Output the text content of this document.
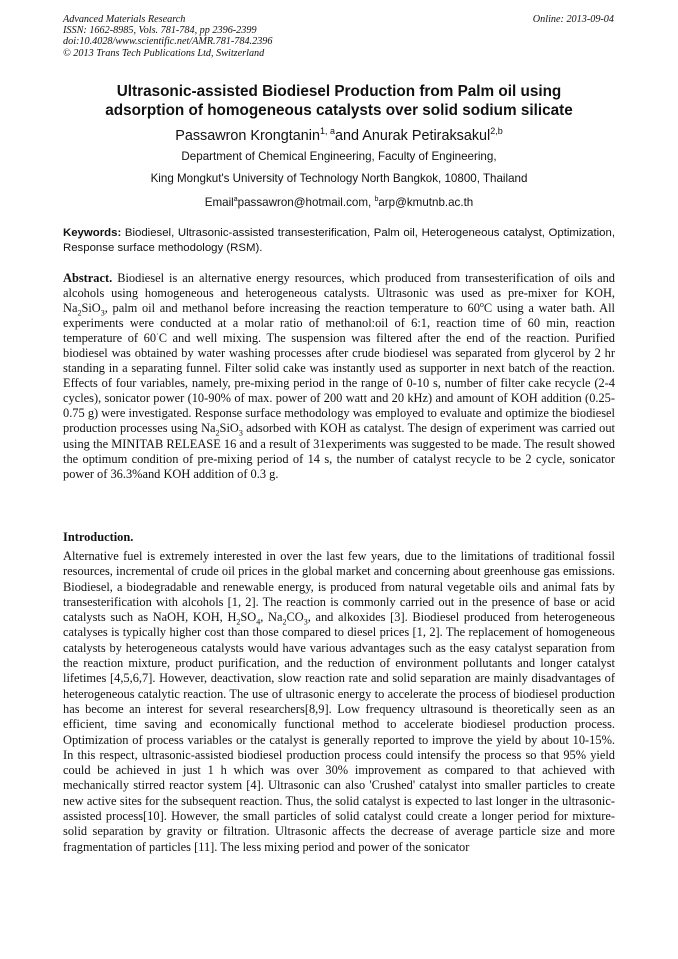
Advanced Materials Research
ISSN: 1662-8985, Vols. 781-784, pp 2396-2399
doi:10.4028/www.scientific.net/AMR.781-784.2396
© 2013 Trans Tech Publications Ltd, Switzerland
Online: 2013-09-04
Ultrasonic-assisted Biodiesel Production from Palm oil using
adsorption of homogeneous catalysts over solid sodium silicate
Passawron Krongtanin$^{1, a}$and Anurak Petiraksakul$^{2,b}$
Department of Chemical Engineering, Faculty of Engineering,
King Mongkut's University of Technology North Bangkok, 10800, Thailand
Email$^a$passawron@hotmail.com, $^b$arp@kmutnb.ac.th
Keywords: Biodiesel, Ultrasonic-assisted transesterification, Palm oil, Heterogeneous catalyst, Optimization, Response surface methodology (RSM).
Abstract. Biodiesel is an alternative energy resources, which produced from transesterification of oils and alcohols using homogeneous and heterogeneous catalysts. Ultrasonic was used as pre-mixer for KOH, $Na_2SiO_3$, palm oil and methanol before increasing the reaction temperature to 60$^o$C using a water bath. All experiments were conducted at a molar ratio of methanol:oil of 6:1, reaction time of 60 min, reaction temperature of 60·C and well mixing. The suspension was filtered after the end of the reaction. Purified biodiesel was obtained by water washing processes after crude biodiesel was separated from glycerol by 2 hr standing in a separating funnel. Filter solid cake was instantly used as supporter in next batch of the reaction. Effects of four variables, namely, pre-mixing period in the range of 0-10 s, number of filter cake recycle (2-4 cycles), sonicator power (10-90% of max. power of 200 watt and 20 kHz) and amount of KOH addition (0.25-0.75 g) were investigated. Response surface methodology was employed to evaluate and optimize the biodiesel production processes using $Na_2SiO_3$ adsorbed with KOH as catalyst. The design of experiment was carried out using the MINITAB RELEASE 16 and a result of 31experiments was suggested to be made. The result showed the optimum condition of pre-mixing period of 14 s, the number of catalyst recycle to be 2 cycle, sonicator power of 36.3%and KOH addition of 0.3 g.
Introduction.
Alternative fuel is extremely interested in over the last few years, due to the limitations of traditional fossil resources, incremental of crude oil prices in the global market and concerning about greenhouse gas emissions. Biodiesel, a biodegradable and renewable energy, is produced from natural vegetable oils and animal fats by transesterification with alcohols [1, 2]. The reaction is commonly carried out in the presence of base or acid catalysts such as NaOH, KOH, $H_2SO_4$, $Na_2CO_3$, and alkoxides [3]. Biodiesel produced from heterogeneous catalyses is typically higher cost than those compared to diesel prices [1, 2]. The replacement of homogeneous catalysts by heterogeneous catalysts would have various advantages such as the easy catalyst separation from the reaction mixture, product purification, and the reduction of environment pollutants and longer catalyst lifetimes [4,5,6,7]. However, deactivation, slow reaction rate and solid separation are mainly disadvantages of heterogeneous catalytic reaction. The use of ultrasonic energy to accelerate the process of biodiesel production has become an interest for several researchers[8,9]. Low frequency ultrasound is theoretically seen as an efficient, time saving and economically functional method to accelerate biodiesel production process. Optimization of process variables or the catalyst is generally reported to improve the yield by about 10-15%. In this respect, ultrasonic-assisted biodiesel production process could intensify the process so that 95% yield could be achieved in just 1 h which was over 30% improvement as compared to that achieved with mechanically stirred reactor system [4]. Ultrasonic can also 'Crushed' catalyst into smaller particles to create new active sites for the subsequent reaction. Thus, the solid catalyst is expected to last longer in the ultrasonic-assisted process[10]. However, the small particles of solid catalyst could create a longer period for mixture-solid separation by gravity or filtration. Ultrasonic affects the decrease of average particle size and more fragmentation of particles [11]. The less mixing period and power of the sonicator
